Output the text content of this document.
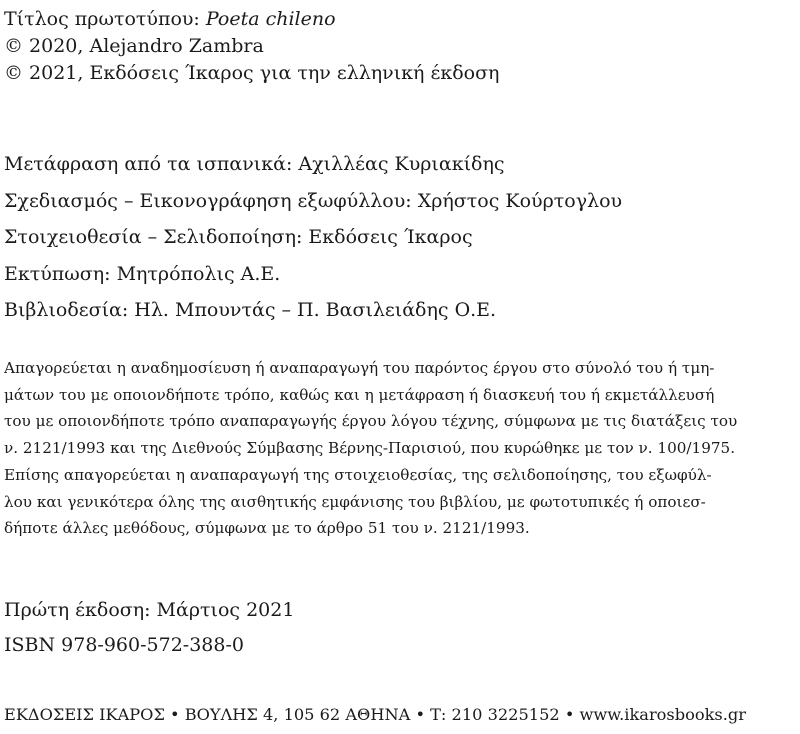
Τίτλος πρωτοτύπου: Poeta chileno
© 2020, Alejandro Zambra
© 2021, Εκδόσεις Ίκαρος για την ελληνική έκδοση
Μετάφραση από τα ισπανικά: Αχιλλέας Κυριακίδης
Σχεδιασμός – Εικονογράφηση εξωφύλλου: Χρήστος Κούρτογλου
Στοιχειοθεσία – Σελιδοποίηση: Εκδόσεις Ίκαρος
Εκτύπωση: Μητρόπολις Α.Ε.
Βιβλιοδεσία: Ηλ. Μπουντάς – Π. Βασιλειάδης Ο.Ε.
Απαγορεύεται η αναδημοσίευση ή αναπαραγωγή του παρόντος έργου στο σύνολό του ή τμη-
μάτων του με οποιονδήποτε τρόπο, καθώς και η μετάφραση ή διασκευή του ή εκμετάλλευσή
του με οποιονδήποτε τρόπο αναπαραγωγής έργου λόγου τέχνης, σύμφωνα με τις διατάξεις του
ν. 2121/1993 και της Διεθνούς Σύμβασης Βέρνης-Παρισιού, που κυρώθηκε με τον ν. 100/1975.
Επίσης απαγορεύεται η αναπαραγωγή της στοιχειοθεσίας, της σελιδοποίησης, του εξωφύλ-
λου και γενικότερα όλης της αισθητικής εμφάνισης του βιβλίου, με φωτοτυπικές ή οποιεσ-
δήποτε άλλες μεθόδους, σύμφωνα με το άρθρο 51 του ν. 2121/1993.
Πρώτη έκδοση: Μάρτιος 2021
ISBN 978-960-572-388-0
ΕΚΔΟΣΕΙΣ ΙΚΑΡΟΣ • ΒΟΥΛΗΣ 4, 105 62 ΑΘΗΝΑ • Τ: 210 3225152 • www.ikarosbooks.gr
